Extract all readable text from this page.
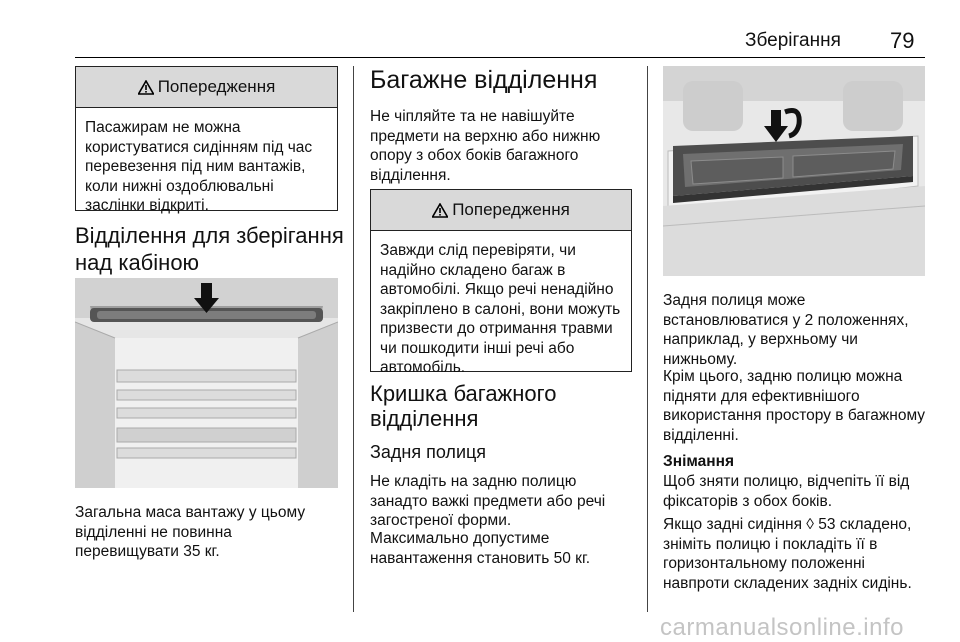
Зберігання 79
Попередження
Пасажирам не можна користуватися сидінням під час перевезення під ним вантажів, коли нижні оздоблювальні заслінки відкриті.
Відділення для зберігання над кабіною

Загальна маса вантажу у цьому відділенні не повинна перевищувати 35 кг.

Багажне відділення

Не чіпляйте та не навішуйте предмети на верхню або нижню опору з обох боків багажного відділення.

Попередження
Завжди слід перевіряти, чи надійно складено багаж в автомобілі. Якщо речі ненадійно закріплено в салоні, вони можуть призвести до отримання травми чи пошкодити інші речі або автомобіль.
Кришка багажного відділення
Задня полиця

Не кладіть на задню полицю занадто важкі предмети або речі загостреної форми.

Максимально допустиме навантаження становить 50 кг.

Задня полиця може встановлюватися у 2 положеннях, наприклад, у верхньому чи нижньому.

Крім цього, задню полицю можна підняти для ефективнішого використання простору в багажному відділенні.

Знімання

Щоб зняти полицю, відчепіть її від фіксаторів з обох боків.

Якщо задні сидіння ◊ 53 складено, зніміть полицю і покладіть її в горизонтальному положенні навпроти складених задніх сидінь.

carmanualsonline.info
